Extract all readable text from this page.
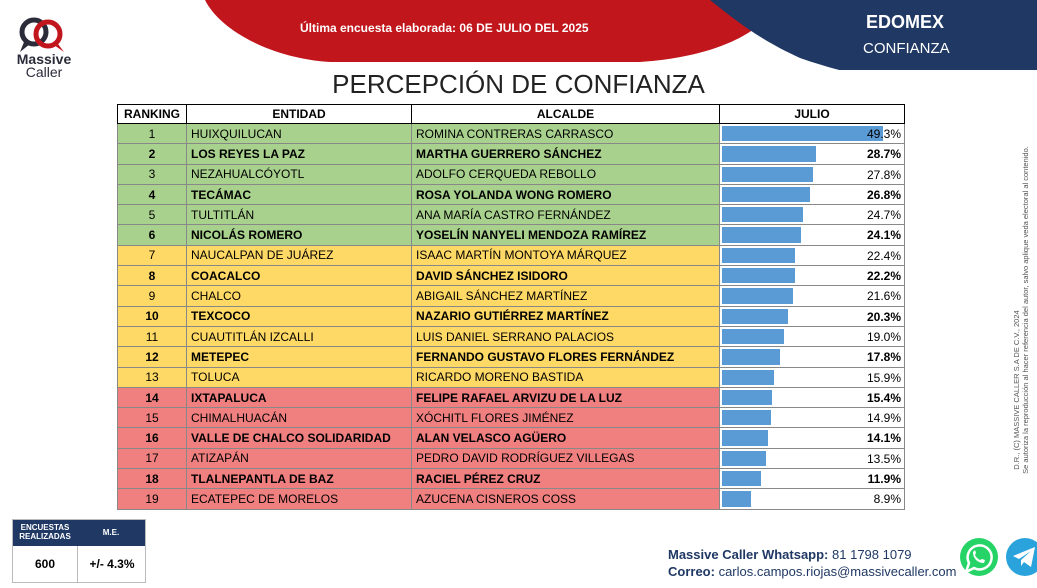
Massive
Caller
Última encuesta elaborada: 06 DE JULIO DEL 2025	EDOMEX
CONFIANZA
PERCEPCIÓN DE CONFIANZA
RANKING	ENTIDAD	ALCALDE	JULIO
1	HUIXQUILUCAN	ROMINA CONTRERAS CARRASCO	49.3%

2	LOS REYES LA PAZ	MARTHA GUERRERO SÁNCHEZ	28.7%

3	NEZAHUALCÓYOTL	ADOLFO CERQUEDA REBOLLO	27.8%

4	TECÁMAC	ROSA YOLANDA WONG ROMERO	26.8%

5	TULTITLÁN	ANA MARÍA CASTRO FERNÁNDEZ	24.7%

6	NICOLÁS ROMERO	YOSELÍN NANYELI MENDOZA RAMÍREZ	24.1%

7	NAUCALPAN DE JUÁREZ	ISAAC MARTÍN MONTOYA MÁRQUEZ	22.4%

8	COACALCO	DAVID SÁNCHEZ ISIDORO	22.2%

9	CHALCO	ABIGAIL SÁNCHEZ MARTÍNEZ	21.6%

10	TEXCOCO	NAZARIO GUTIÉRREZ MARTÍNEZ	20.3%

11	CUAUTITLÁN IZCALLI	LUIS DANIEL SERRANO PALACIOS	19.0%

12	METEPEC	FERNANDO GUSTAVO FLORES FERNÁNDEZ	17.8%

13	TOLUCA	RICARDO MORENO BASTIDA	15.9%

14	IXTAPALUCA	FELIPE RAFAEL ARVIZU DE LA LUZ	15.4%

15	CHIMALHUACÁN	XÓCHITL FLORES JIMÉNEZ	14.9%

16	VALLE DE CHALCO SOLIDARIDAD	ALAN VELASCO AGÜERO	14.1%

17	ATIZAPÁN	PEDRO DAVID RODRÍGUEZ VILLEGAS	13.5%

18	TLALNEPANTLA DE BAZ	RACIEL PÉREZ CRUZ	11.9%

19	ECATEPEC DE MORELOS	AZUCENA CISNEROS COSS	8.9%
D.R., (C) MASSIVE CALLER S.A DE C.V., 2024 Se autoriza la reproducción al hacer referencia del autor, salvo aplique veda electoral al contenido.
ENCUESTAS REALIZADAS	M.E.
600	+/- 4.3%
Massive Caller Whatsapp: 81 1798 1079
Correo: carlos.campos.riojas@massivecaller.com
